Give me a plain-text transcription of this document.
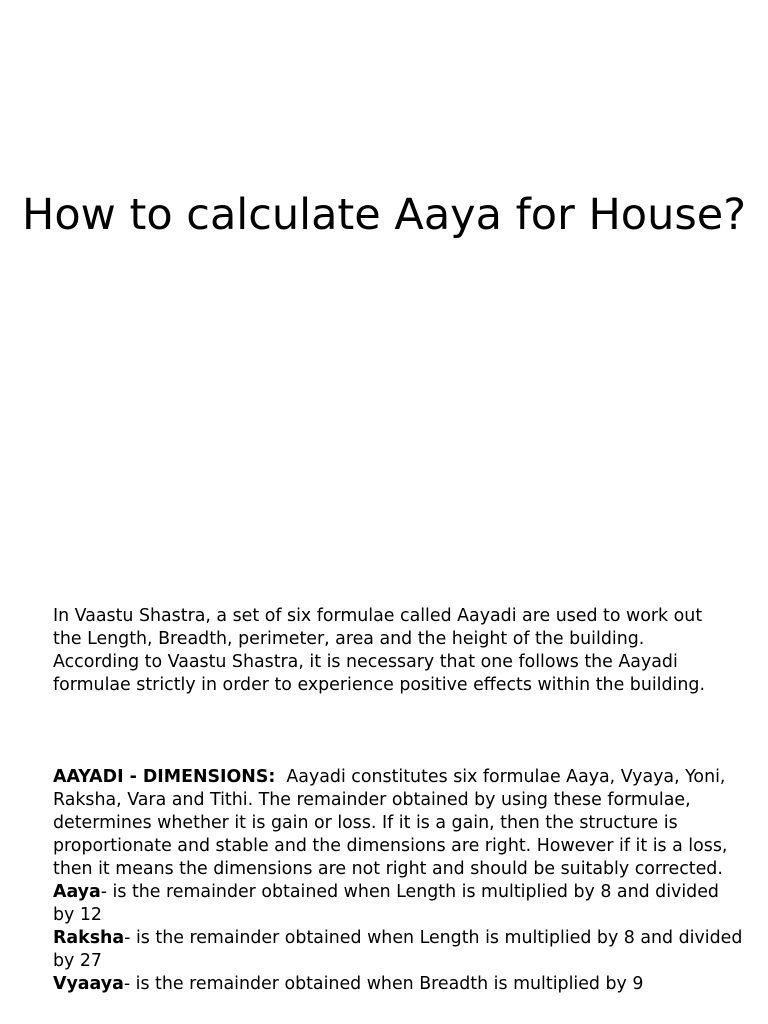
How to calculate Aaya for House?

In Vaastu Shastra, a set of six formulae called Aayadi are used to work out the Length, Breadth, perimeter, area and the height of the building. According to Vaastu Shastra, it is necessary that one follows the Aayadi formulae strictly in order to experience positive effects within the building.

AAYADI - DIMENSIONS: Aayadi constitutes six formulae Aaya, Vyaya, Yoni, Raksha, Vara and Tithi. The remainder obtained by using these formulae, determines whether it is gain or loss. If it is a gain, then the structure is proportionate and stable and the dimensions are right. However if it is a loss, then it means the dimensions are not right and should be suitably corrected.

Aaya- is the remainder obtained when Length is multiplied by 8 and divided by 12

Raksha- is the remainder obtained when Length is multiplied by 8 and divided by 27

Vyaaya- is the remainder obtained when Breadth is multiplied by 9
